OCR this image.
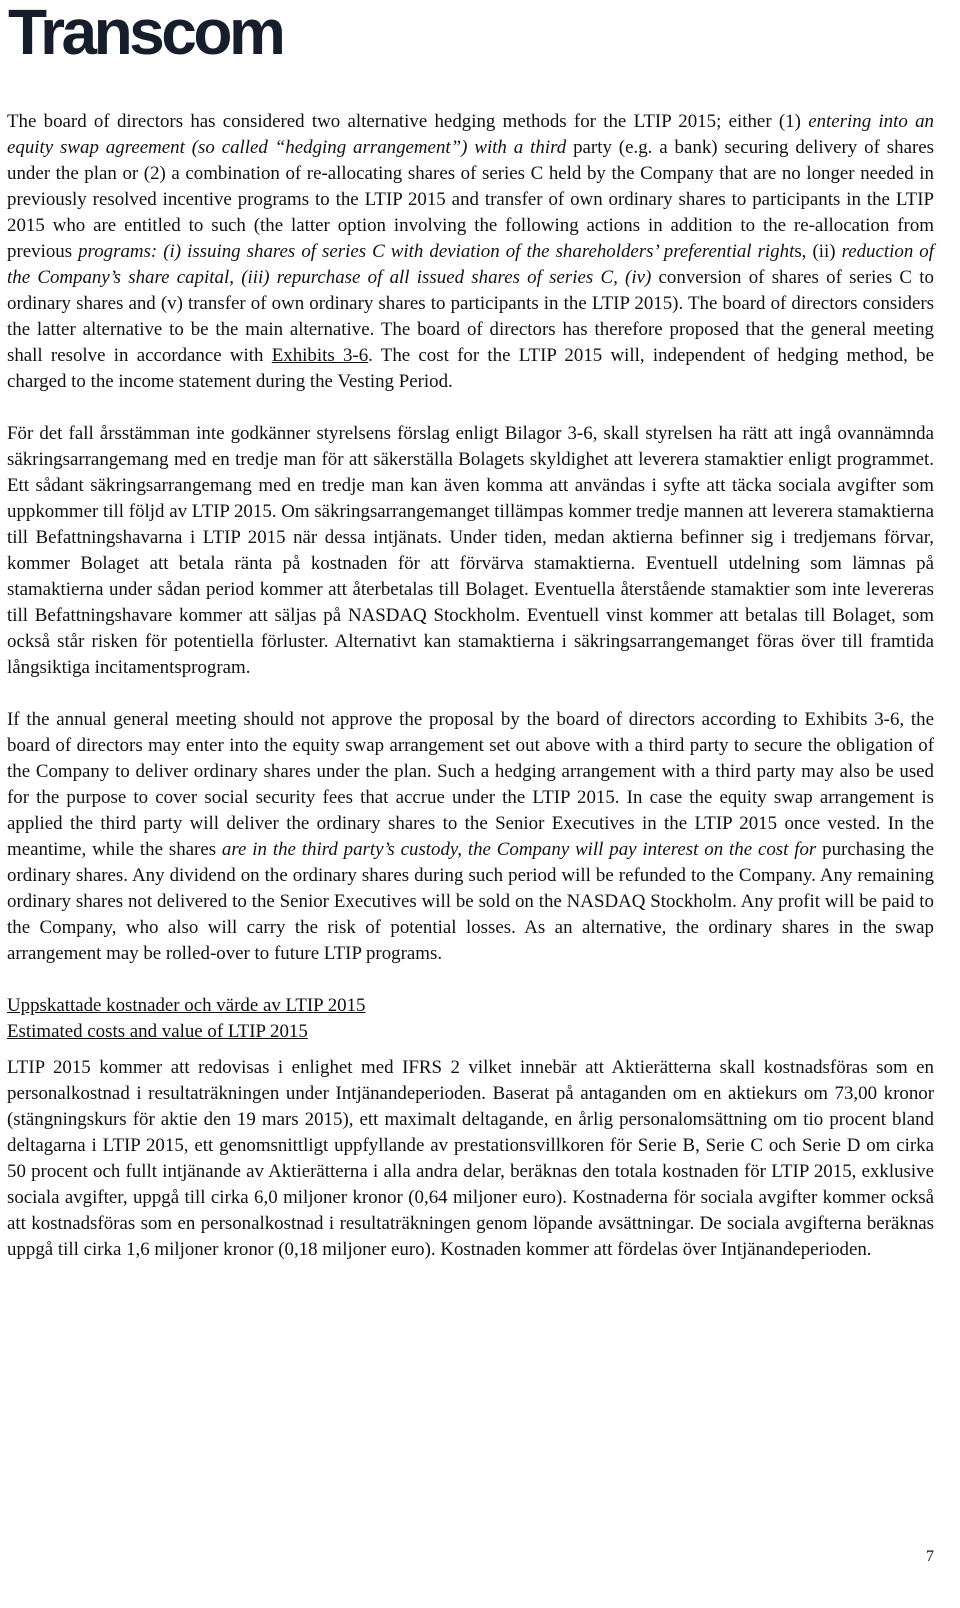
Transcom

The board of directors has considered two alternative hedging methods for the LTIP 2015; either (1) entering into an equity swap agreement (so called “hedging arrangement”) with a third party (e.g. a bank) securing delivery of shares under the plan or (2) a combination of re-allocating shares of series C held by the Company that are no longer needed in previously resolved incentive programs to the LTIP 2015 and transfer of own ordinary shares to participants in the LTIP 2015 who are entitled to such (the latter option involving the following actions in addition to the re-allocation from previous programs: (i) issuing shares of series C with deviation of the shareholders’ preferential rights, (ii) reduction of the Company’s share capital, (iii) repurchase of all issued shares of series C, (iv) conversion of shares of series C to ordinary shares and (v) transfer of own ordinary shares to participants in the LTIP 2015). The board of directors considers the latter alternative to be the main alternative. The board of directors has therefore proposed that the general meeting shall resolve in accordance with Exhibits 3-6. The cost for the LTIP 2015 will, independent of hedging method, be charged to the income statement during the Vesting Period.

För det fall årsstämman inte godkänner styrelsens förslag enligt Bilagor 3-6, skall styrelsen ha rätt att ingå ovannämnda säkringsarrangemang med en tredje man för att säkerställa Bolagets skyldighet att leverera stamaktier enligt programmet. Ett sådant säkringsarrangemang med en tredje man kan även komma att användas i syfte att täcka sociala avgifter som uppkommer till följd av LTIP 2015. Om säkringsarrangemanget tillämpas kommer tredje mannen att leverera stamaktierna till Befattningshavarna i LTIP 2015 när dessa intjänats. Under tiden, medan aktierna befinner sig i tredjemans förvar, kommer Bolaget att betala ränta på kostnaden för att förvärva stamaktierna. Eventuell utdelning som lämnas på stamaktierna under sådan period kommer att återbetalas till Bolaget. Eventuella återstående stamaktier som inte levereras till Befattningshavare kommer att säljas på NASDAQ Stockholm. Eventuell vinst kommer att betalas till Bolaget, som också står risken för potentiella förluster. Alternativt kan stamaktierna i säkringsarrangemanget föras över till framtida långsiktiga incitamentsprogram.

If the annual general meeting should not approve the proposal by the board of directors according to Exhibits 3-6, the board of directors may enter into the equity swap arrangement set out above with a third party to secure the obligation of the Company to deliver ordinary shares under the plan. Such a hedging arrangement with a third party may also be used for the purpose to cover social security fees that accrue under the LTIP 2015. In case the equity swap arrangement is applied the third party will deliver the ordinary shares to the Senior Executives in the LTIP 2015 once vested. In the meantime, while the shares are in the third party’s custody, the Company will pay interest on the cost for purchasing the ordinary shares. Any dividend on the ordinary shares during such period will be refunded to the Company. Any remaining ordinary shares not delivered to the Senior Executives will be sold on the NASDAQ Stockholm. Any profit will be paid to the Company, who also will carry the risk of potential losses. As an alternative, the ordinary shares in the swap arrangement may be rolled-over to future LTIP programs.

Uppskattade kostnader och värde av LTIP 2015
Estimated costs and value of LTIP 2015

LTIP 2015 kommer att redovisas i enlighet med IFRS 2 vilket innebär att Aktierätterna skall kostnadsföras som en personalkostnad i resultaträkningen under Intjänandeperioden. Baserat på antaganden om en aktiekurs om 73,00 kronor (stängningskurs för aktie den 19 mars 2015), ett maximalt deltagande, en årlig personalomsättning om tio procent bland deltagarna i LTIP 2015, ett genomsnittligt uppfyllande av prestationsvillkoren för Serie B, Serie C och Serie D om cirka 50 procent och fullt intjänande av Aktierätterna i alla andra delar, beräknas den totala kostnaden för LTIP 2015, exklusive sociala avgifter, uppgå till cirka 6,0 miljoner kronor (0,64 miljoner euro). Kostnaderna för sociala avgifter kommer också att kostnadsföras som en personalkostnad i resultaträkningen genom löpande avsättningar. De sociala avgifterna beräknas uppgå till cirka 1,6 miljoner kronor (0,18 miljoner euro). Kostnaden kommer att fördelas över Intjänandeperioden.

7
